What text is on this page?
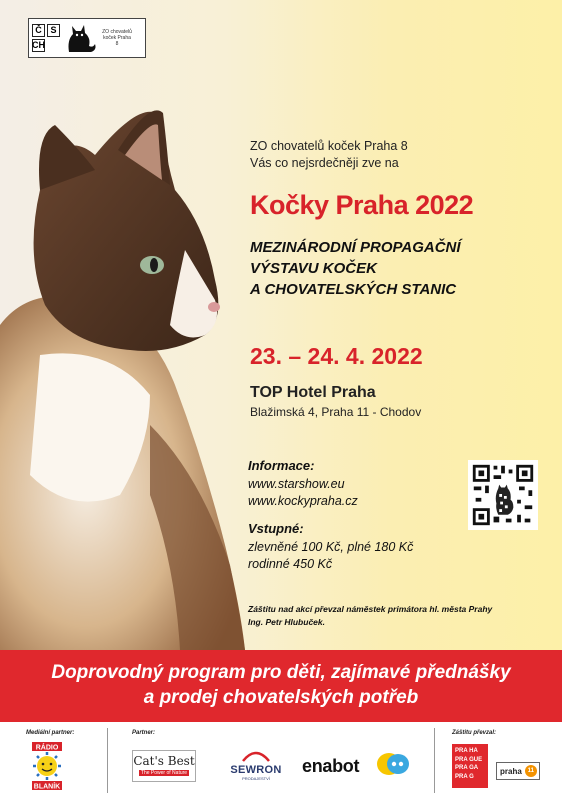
Č S
CH
ZO chovatelů koček Praha 8
ZO chovatelů koček Praha 8
Vás co nejsrdečněji zve na
Kočky Praha 2022
MEZINÁRODNÍ PROPAGAČNÍ
VÝSTAVU KOČEK
A CHOVATELSKÝCH STANIC
23. – 24. 4. 2022
TOP Hotel Praha
Blažimská 4, Praha 11 - Chodov
Informace:
www.starshow.eu
www.kockypraha.cz
Vstupné:
zlevněné 100 Kč, plné 180 Kč
rodinné 450 Kč
Záštitu nad akcí převzal náměstek primátora hl. města Prahy
Ing. Petr Hlubuček.
Doprovodný program pro děti, zajímavé přednášky
a prodej chovatelských potřeb
Mediální partner:	Partner:	Záštitu převzal:
RÁDIO
BLANÍK
Cat's Best
The Power of Nature	SEWRON
PRODAJESTVÍ
enabot
PRA HA
PRA GUE
PRA GA
PRA G
praha 11
